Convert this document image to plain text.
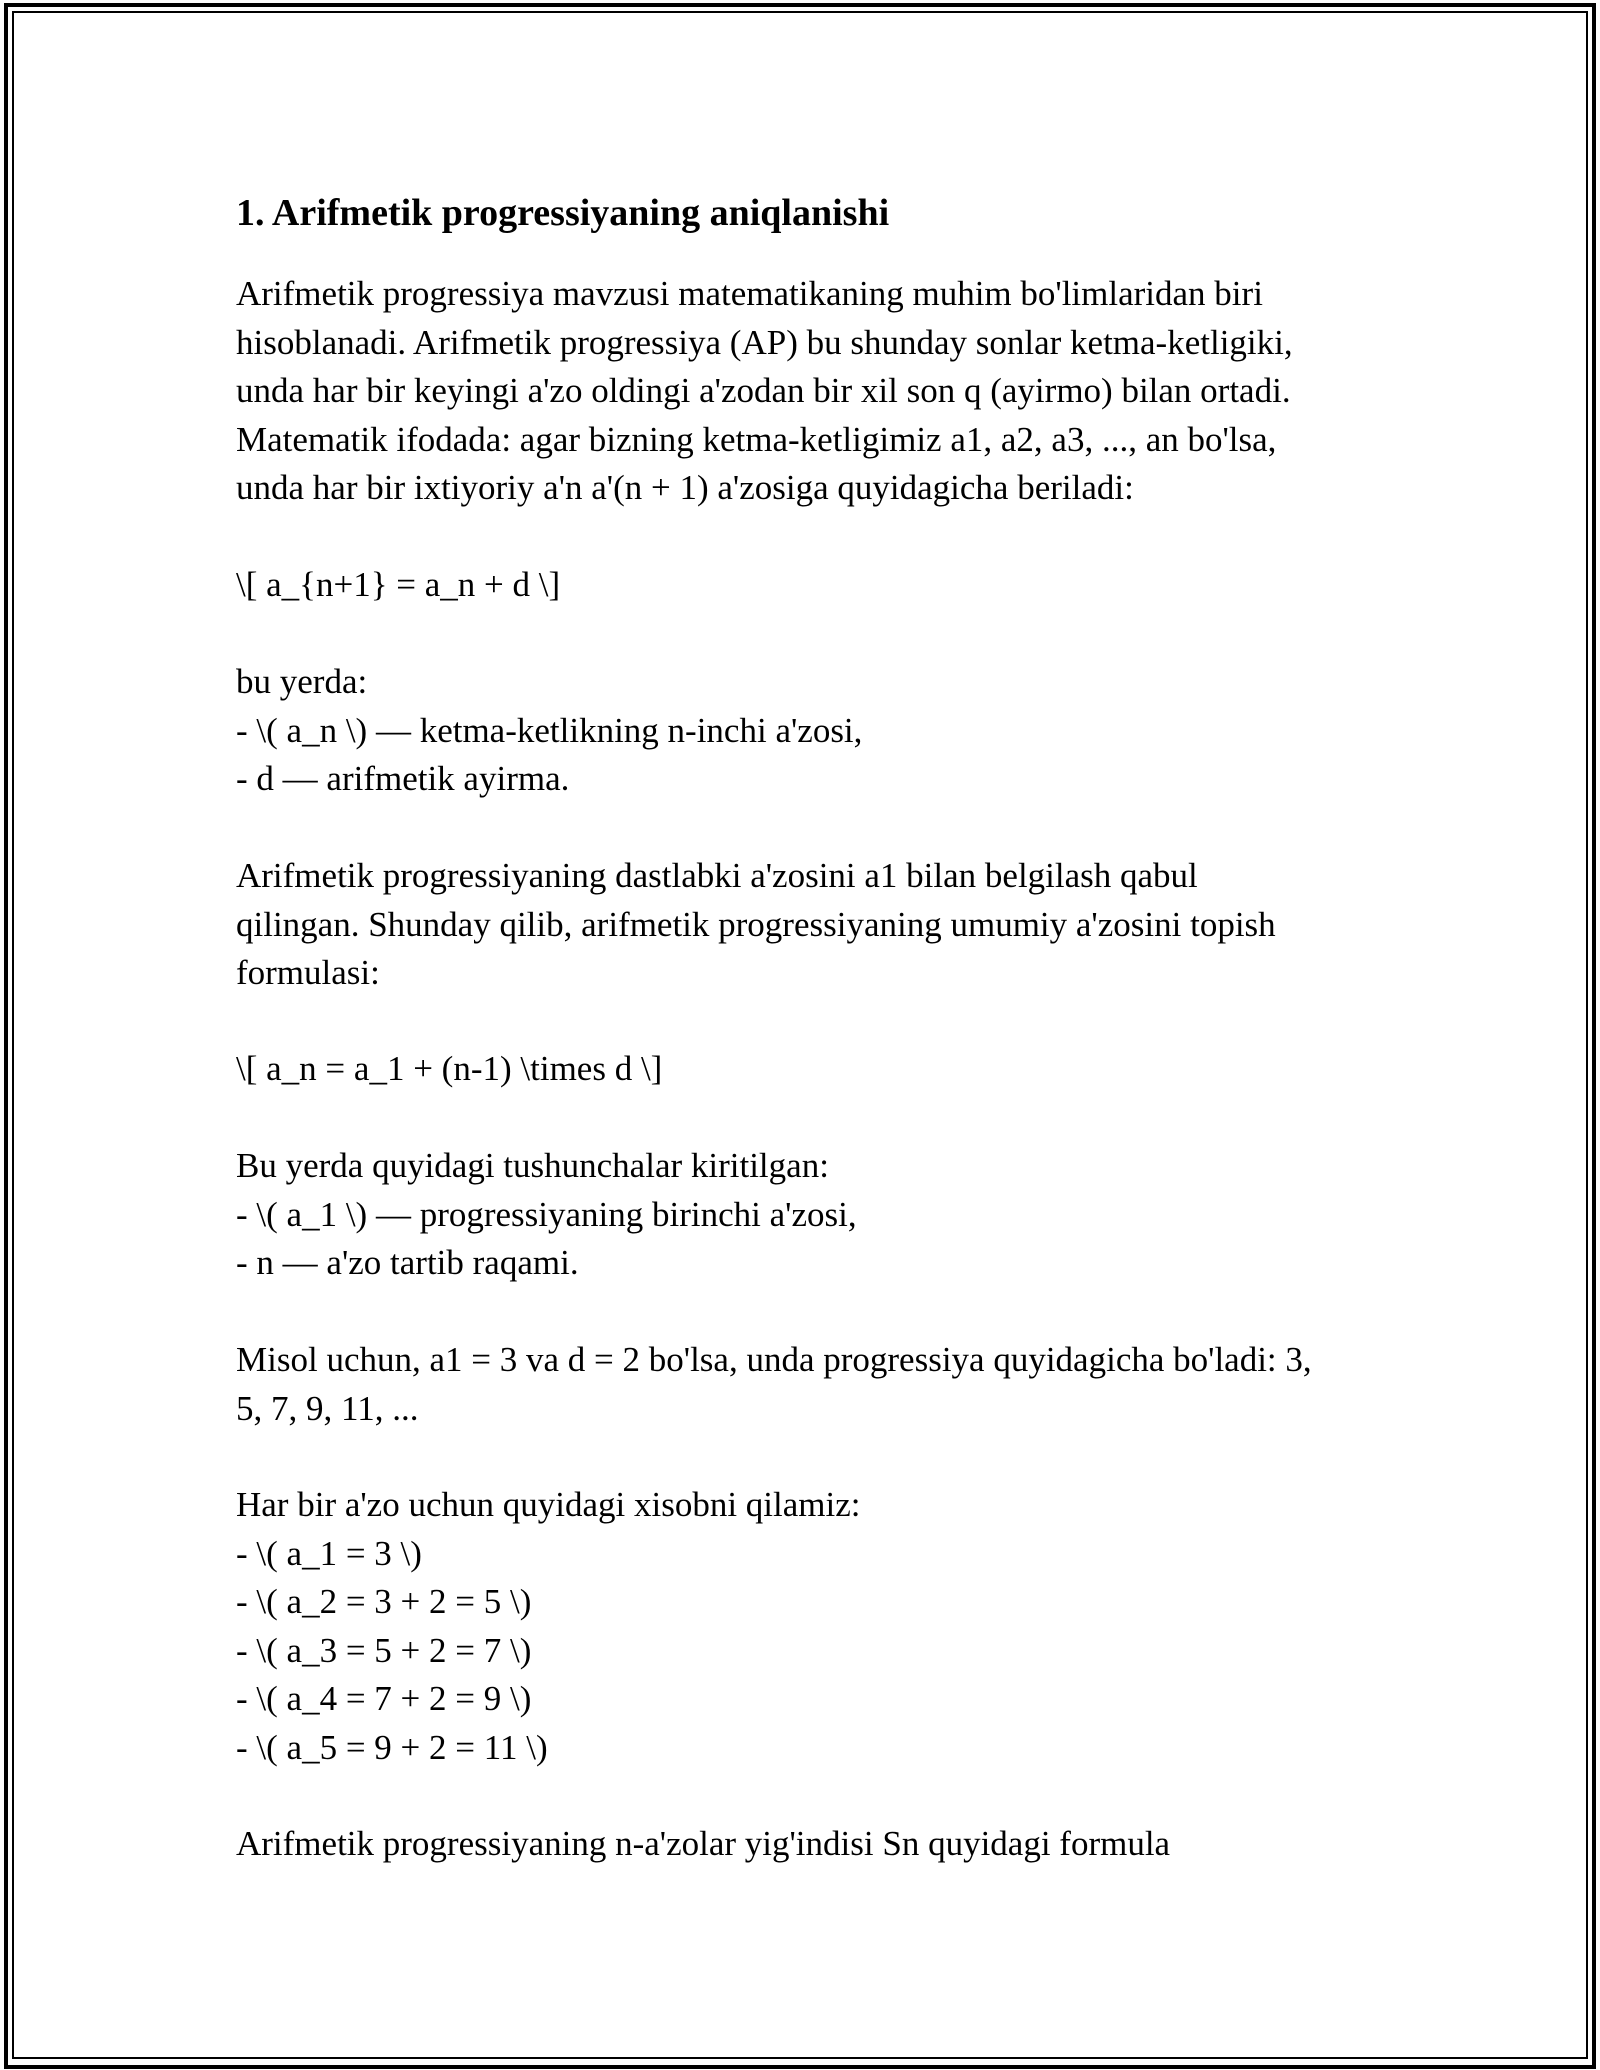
1. Arifmetik progressiyaning aniqlanishi
Arifmetik progressiya mavzusi matematikaning muhim bo'limlaridan biri
hisoblanadi. Arifmetik progressiya (AP) bu shunday sonlar ketma-ketligiki,
unda har bir keyingi a'zo oldingi a'zodan bir xil son q (ayirmo) bilan ortadi.
Matematik ifodada: agar bizning ketma-ketligimiz a1, a2, a3, ..., an bo'lsa,
unda har bir ixtiyoriy a'n a'(n + 1) a'zosiga quyidagicha beriladi:
\[ a_{n+1} = a_n + d \]
bu yerda:
- \( a_n \) — ketma-ketlikning n-inchi a'zosi,
- d — arifmetik ayirma.
Arifmetik progressiyaning dastlabki a'zosini a1 bilan belgilash qabul
qilingan. Shunday qilib, arifmetik progressiyaning umumiy a'zosini topish
formulasi:
\[ a_n = a_1 + (n-1) \times d \]
Bu yerda quyidagi tushunchalar kiritilgan:
- \( a_1 \) — progressiyaning birinchi a'zosi,
- n — a'zo tartib raqami.
Misol uchun, a1 = 3 va d = 2 bo'lsa, unda progressiya quyidagicha bo'ladi: 3,
5, 7, 9, 11, ...
Har bir a'zo uchun quyidagi xisobni qilamiz:
- \( a_1 = 3 \)
- \( a_2 = 3 + 2 = 5 \)
- \( a_3 = 5 + 2 = 7 \)
- \( a_4 = 7 + 2 = 9 \)
- \( a_5 = 9 + 2 = 11 \)
Arifmetik progressiyaning n-a'zolar yig'indisi Sn quyidagi formula
